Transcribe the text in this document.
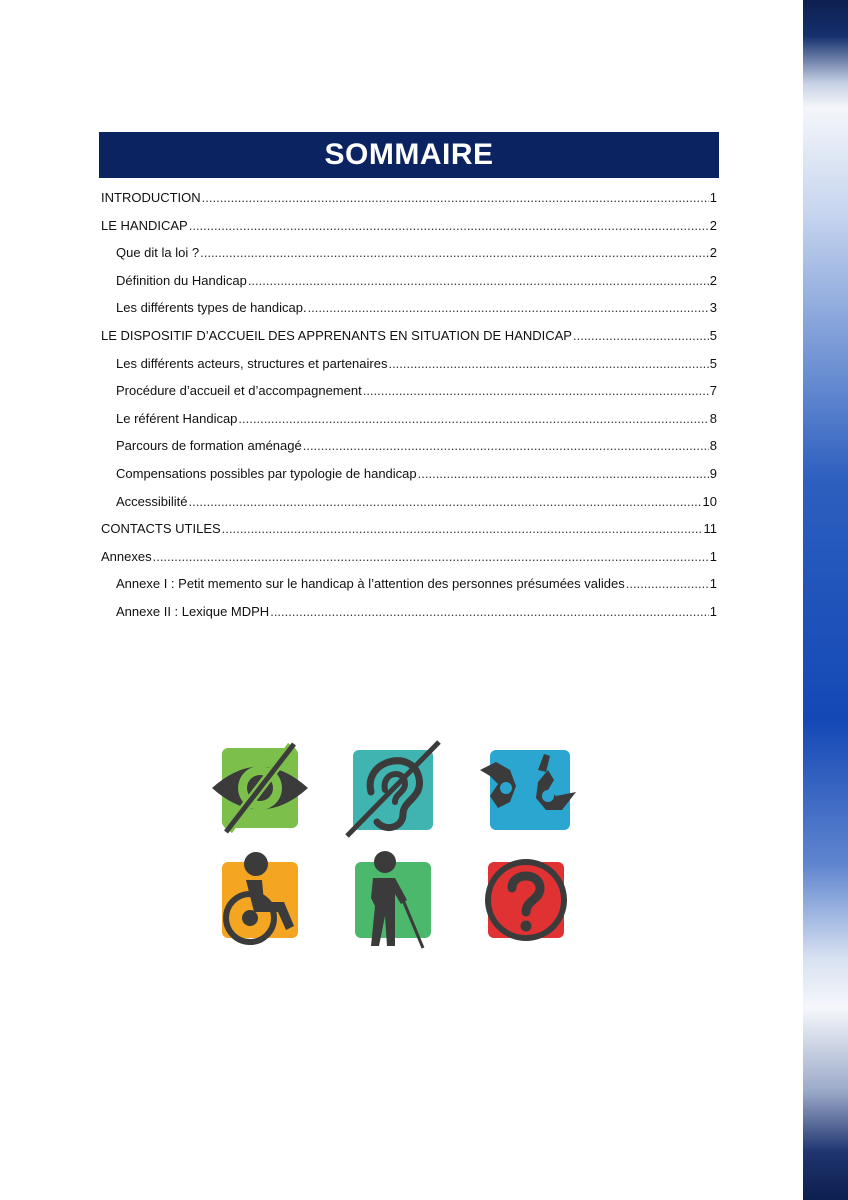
SOMMAIRE
INTRODUCTION .....	1
LE HANDICAP .....	2
Que dit la loi ? .....	2
Définition du Handicap .....	2
Les différents types de handicap. .....	3
LE DISPOSITIF D’ACCUEIL DES APPRENANTS EN SITUATION DE HANDICAP .....	5
Les différents acteurs, structures et partenaires .....	5
Procédure d’accueil et d’accompagnement .....	7
Le référent Handicap .....	8
Parcours de formation aménagé .....	8
Compensations possibles par typologie de handicap .....	9
Accessibilité .....	10
CONTACTS UTILES .....	11
Annexes .....	1
Annexe I : Petit memento sur le handicap à l’attention des personnes présumées valides .....	1
Annexe II : Lexique MDPH .....	1
